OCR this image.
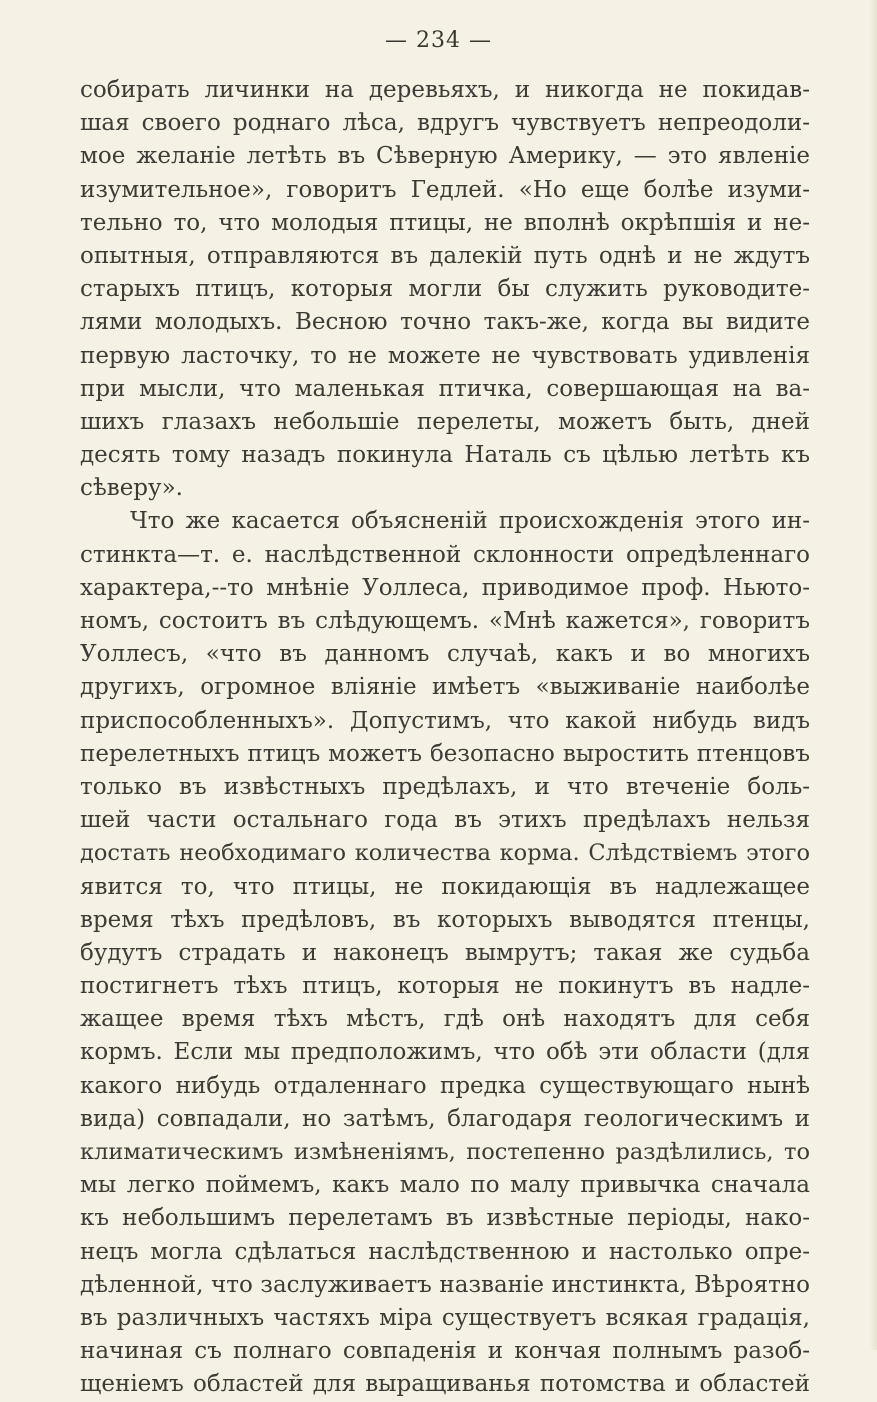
— 234 —
собирать личинки на деревьяхъ, и никогда не покидав-
шая своего роднаго лѣса, вдругъ чувствуетъ непреодоли-
мое желаніе летѣть въ Сѣверную Америку, — это явленіе
изумительное», говоритъ Гедлей. «Но еще болѣе изуми-
тельно то, что молодыя птицы, не вполнѣ окрѣпшія и не-
опытныя, отправляются въ далекій путь однѣ и не ждутъ
старыхъ птицъ, которыя могли бы служить руководите-
лями молодыхъ. Весною точно такъ-же, когда вы видите
первую ласточку, то не можете не чувствовать удивленія
при мысли, что маленькая птичка, совершающая на ва-
шихъ глазахъ небольшіе перелеты, можетъ быть, дней
десять тому назадъ покинула Наталь съ цѣлью летѣть къ
сѣверу».
Что же касается объясненій происхожденія этого ин-
стинкта—т. е. наслѣдственной склонности опредѣленнаго
характера,--то мнѣніе Уоллеса, приводимое проф. Ньюто-
номъ, состоитъ въ слѣдующемъ. «Мнѣ кажется», говоритъ
Уоллесъ, «что въ данномъ случаѣ, какъ и во многихъ
другихъ, огромное вліяніе имѣетъ «выживаніе наиболѣе
приспособленныхъ». Допустимъ, что какой нибудь видъ
перелетныхъ птицъ можетъ безопасно выростить птенцовъ
только въ извѣстныхъ предѣлахъ, и что втеченіе боль-
шей части остальнаго года въ этихъ предѣлахъ нельзя
достать необходимаго количества корма. Слѣдствіемъ этого
явится то, что птицы, не покидающія въ надлежащее
время тѣхъ предѣловъ, въ которыхъ выводятся птенцы,
будутъ страдать и наконецъ вымрутъ; такая же судьба
постигнетъ тѣхъ птицъ, которыя не покинутъ въ надле-
жащее время тѣхъ мѣстъ, гдѣ онѣ находятъ для себя
кормъ. Если мы предположимъ, что обѣ эти области (для
какого нибудь отдаленнаго предка существующаго нынѣ
вида) совпадали, но затѣмъ, благодаря геологическимъ и
климатическимъ измѣненіямъ, постепенно раздѣлились, то
мы легко поймемъ, какъ мало по малу привычка сначала
къ небольшимъ перелетамъ въ извѣстные періоды, нако-
нецъ могла сдѣлаться наслѣдственною и настолько опре-
дѣленной, что заслуживаетъ названіе инстинкта, Вѣроятно
въ различныхъ частяхъ міра существуетъ всякая градація,
начиная съ полнаго совпаденія и кончая полнымъ разоб-
щеніемъ областей для выращиванья потомства и областей
